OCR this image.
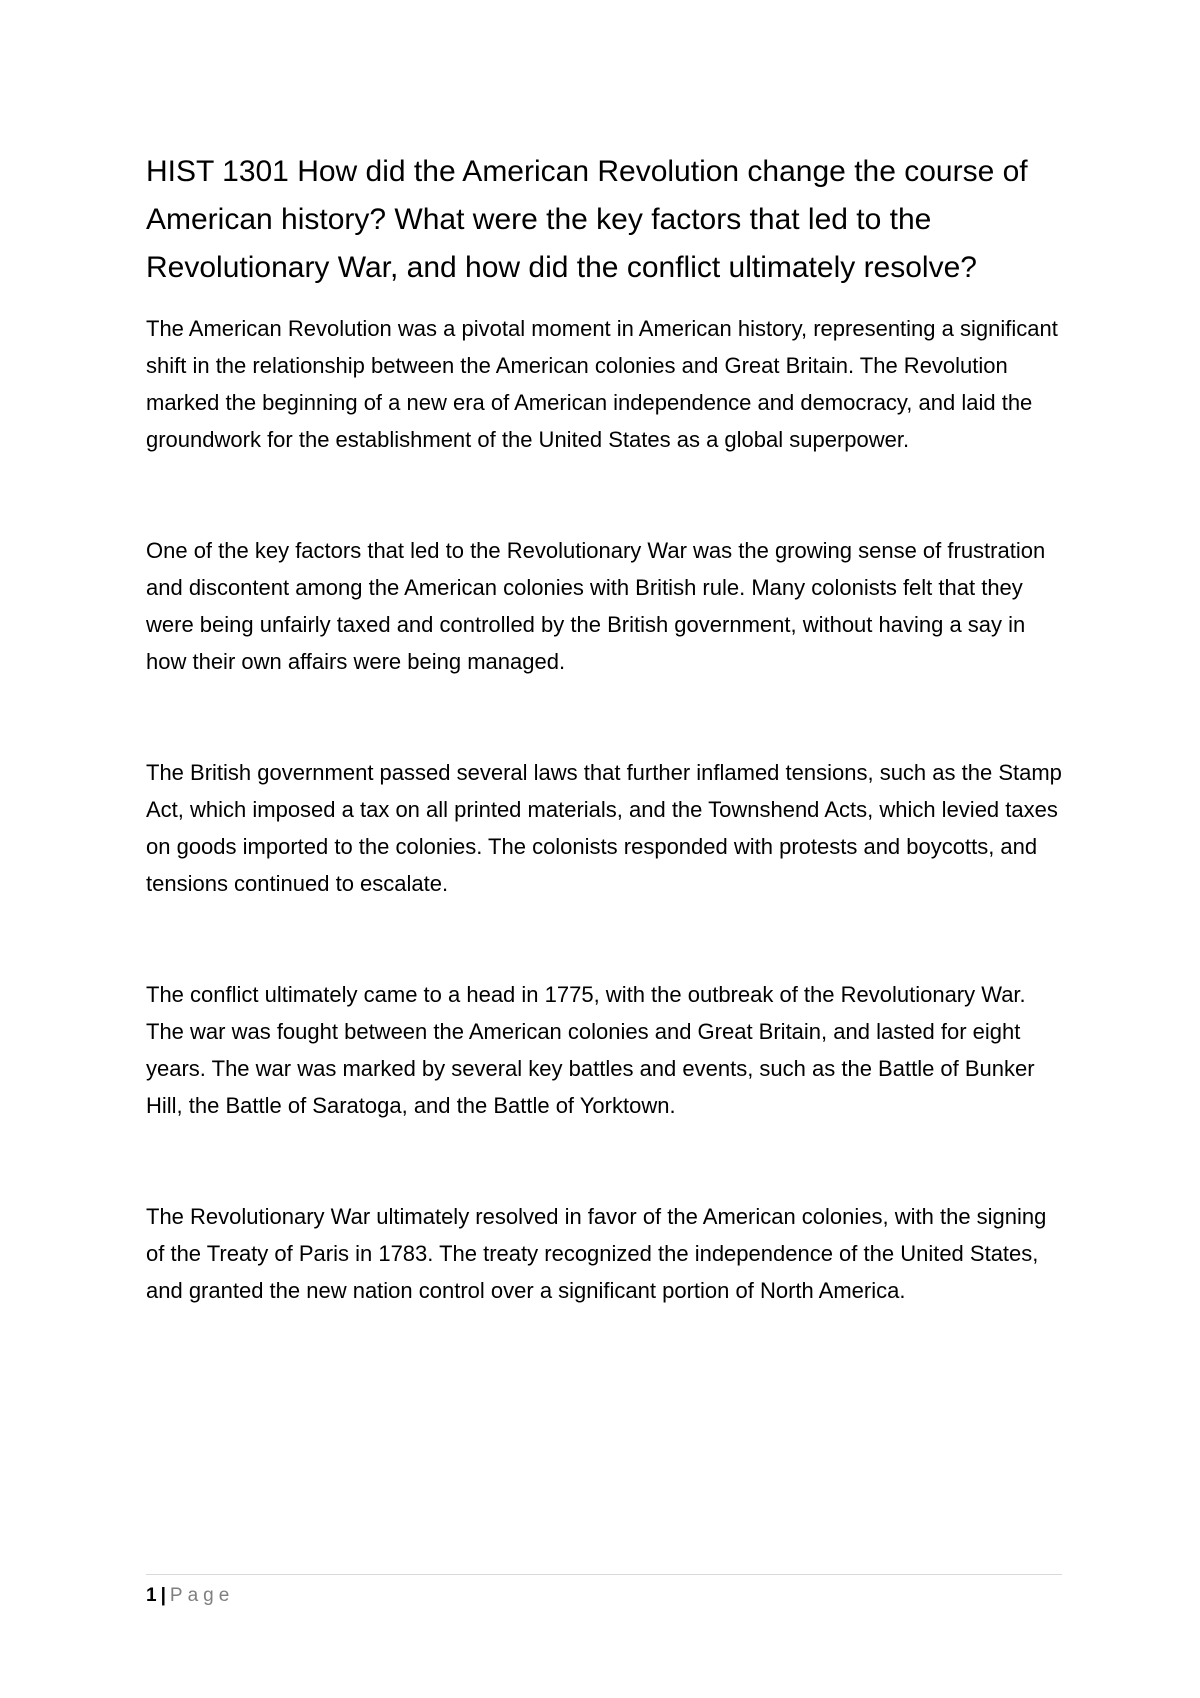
HIST 1301 How did the American Revolution change the course of American history? What were the key factors that led to the Revolutionary War, and how did the conflict ultimately resolve?

The American Revolution was a pivotal moment in American history, representing a significant shift in the relationship between the American colonies and Great Britain. The Revolution marked the beginning of a new era of American independence and democracy, and laid the groundwork for the establishment of the United States as a global superpower.

One of the key factors that led to the Revolutionary War was the growing sense of frustration and discontent among the American colonies with British rule. Many colonists felt that they were being unfairly taxed and controlled by the British government, without having a say in how their own affairs were being managed.

The British government passed several laws that further inflamed tensions, such as the Stamp Act, which imposed a tax on all printed materials, and the Townshend Acts, which levied taxes on goods imported to the colonies. The colonists responded with protests and boycotts, and tensions continued to escalate.

The conflict ultimately came to a head in 1775, with the outbreak of the Revolutionary War. The war was fought between the American colonies and Great Britain, and lasted for eight years. The war was marked by several key battles and events, such as the Battle of Bunker Hill, the Battle of Saratoga, and the Battle of Yorktown.

The Revolutionary War ultimately resolved in favor of the American colonies, with the signing of the Treaty of Paris in 1783. The treaty recognized the independence of the United States, and granted the new nation control over a significant portion of North America.

1 | Page
